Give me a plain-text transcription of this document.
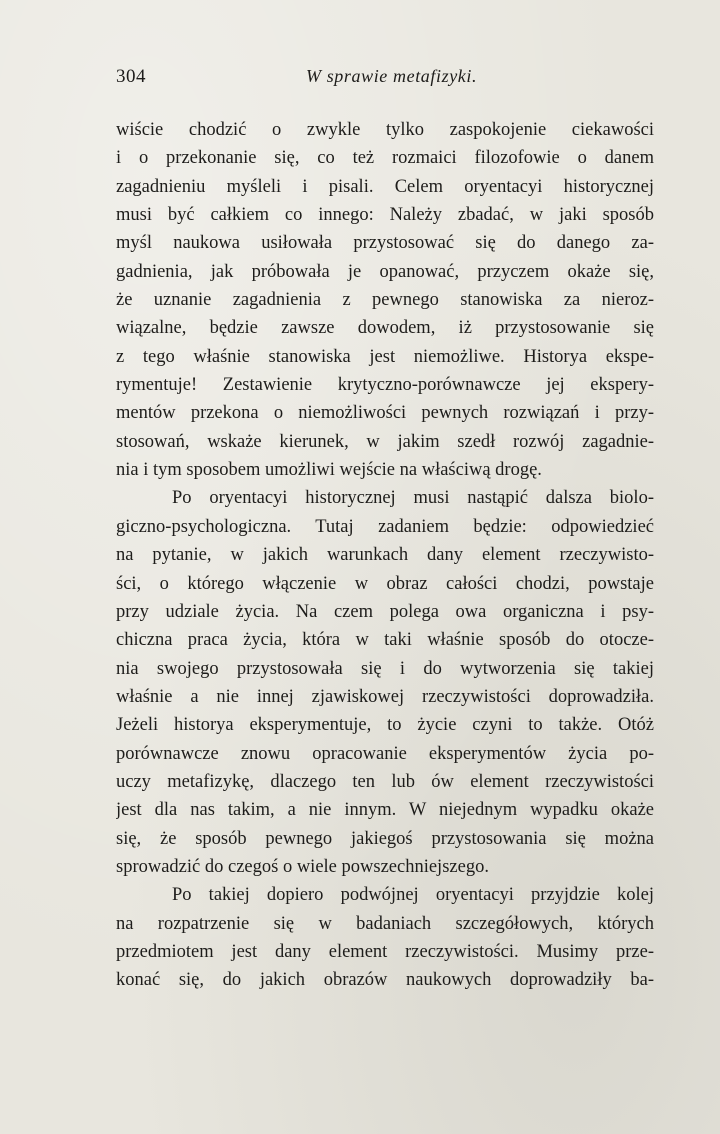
304	W sprawie metafizyki.
wiście chodzić o zwykle tylko zaspokojenie ciekawości
i o przekonanie się, co też rozmaici filozofowie o danem
zagadnieniu myśleli i pisali. Celem oryentacyi historycznej
musi być całkiem co innego: Należy zbadać, w jaki sposób
myśl naukowa usiłowała przystosować się do danego za-
gadnienia, jak próbowała je opanować, przyczem okaże się,
że uznanie zagadnienia z pewnego stanowiska za nieroz-
wiązalne, będzie zawsze dowodem, iż przystosowanie się
z tego właśnie stanowiska jest niemożliwe. Historya ekspe-
rymentuje! Zestawienie krytyczno-porównawcze jej ekspery-
mentów przekona o niemożliwości pewnych rozwiązań i przy-
stosowań, wskaże kierunek, w jakim szedł rozwój zagadnie-
nia i tym sposobem umożliwi wejście na właściwą drogę.
Po oryentacyi historycznej musi nastąpić dalsza biolo-
giczno-psychologiczna. Tutaj zadaniem będzie: odpowiedzieć
na pytanie, w jakich warunkach dany element rzeczywisto-
ści, o którego włączenie w obraz całości chodzi, powstaje
przy udziale życia. Na czem polega owa organiczna i psy-
chiczna praca życia, która w taki właśnie sposób do otocze-
nia swojego przystosowała się i do wytworzenia się takiej
właśnie a nie innej zjawiskowej rzeczywistości doprowadziła.
Jeżeli historya eksperymentuje, to życie czyni to także. Otóż
porównawcze znowu opracowanie eksperymentów życia po-
uczy metafizykę, dlaczego ten lub ów element rzeczywistości
jest dla nas takim, a nie innym. W niejednym wypadku okaże
się, że sposób pewnego jakiegoś przystosowania się można
sprowadzić do czegoś o wiele powszechniejszego.
Po takiej dopiero podwójnej oryentacyi przyjdzie kolej
na rozpatrzenie się w badaniach szczegółowych, których
przedmiotem jest dany element rzeczywistości. Musimy prze-
konać się, do jakich obrazów naukowych doprowadziły ba-
